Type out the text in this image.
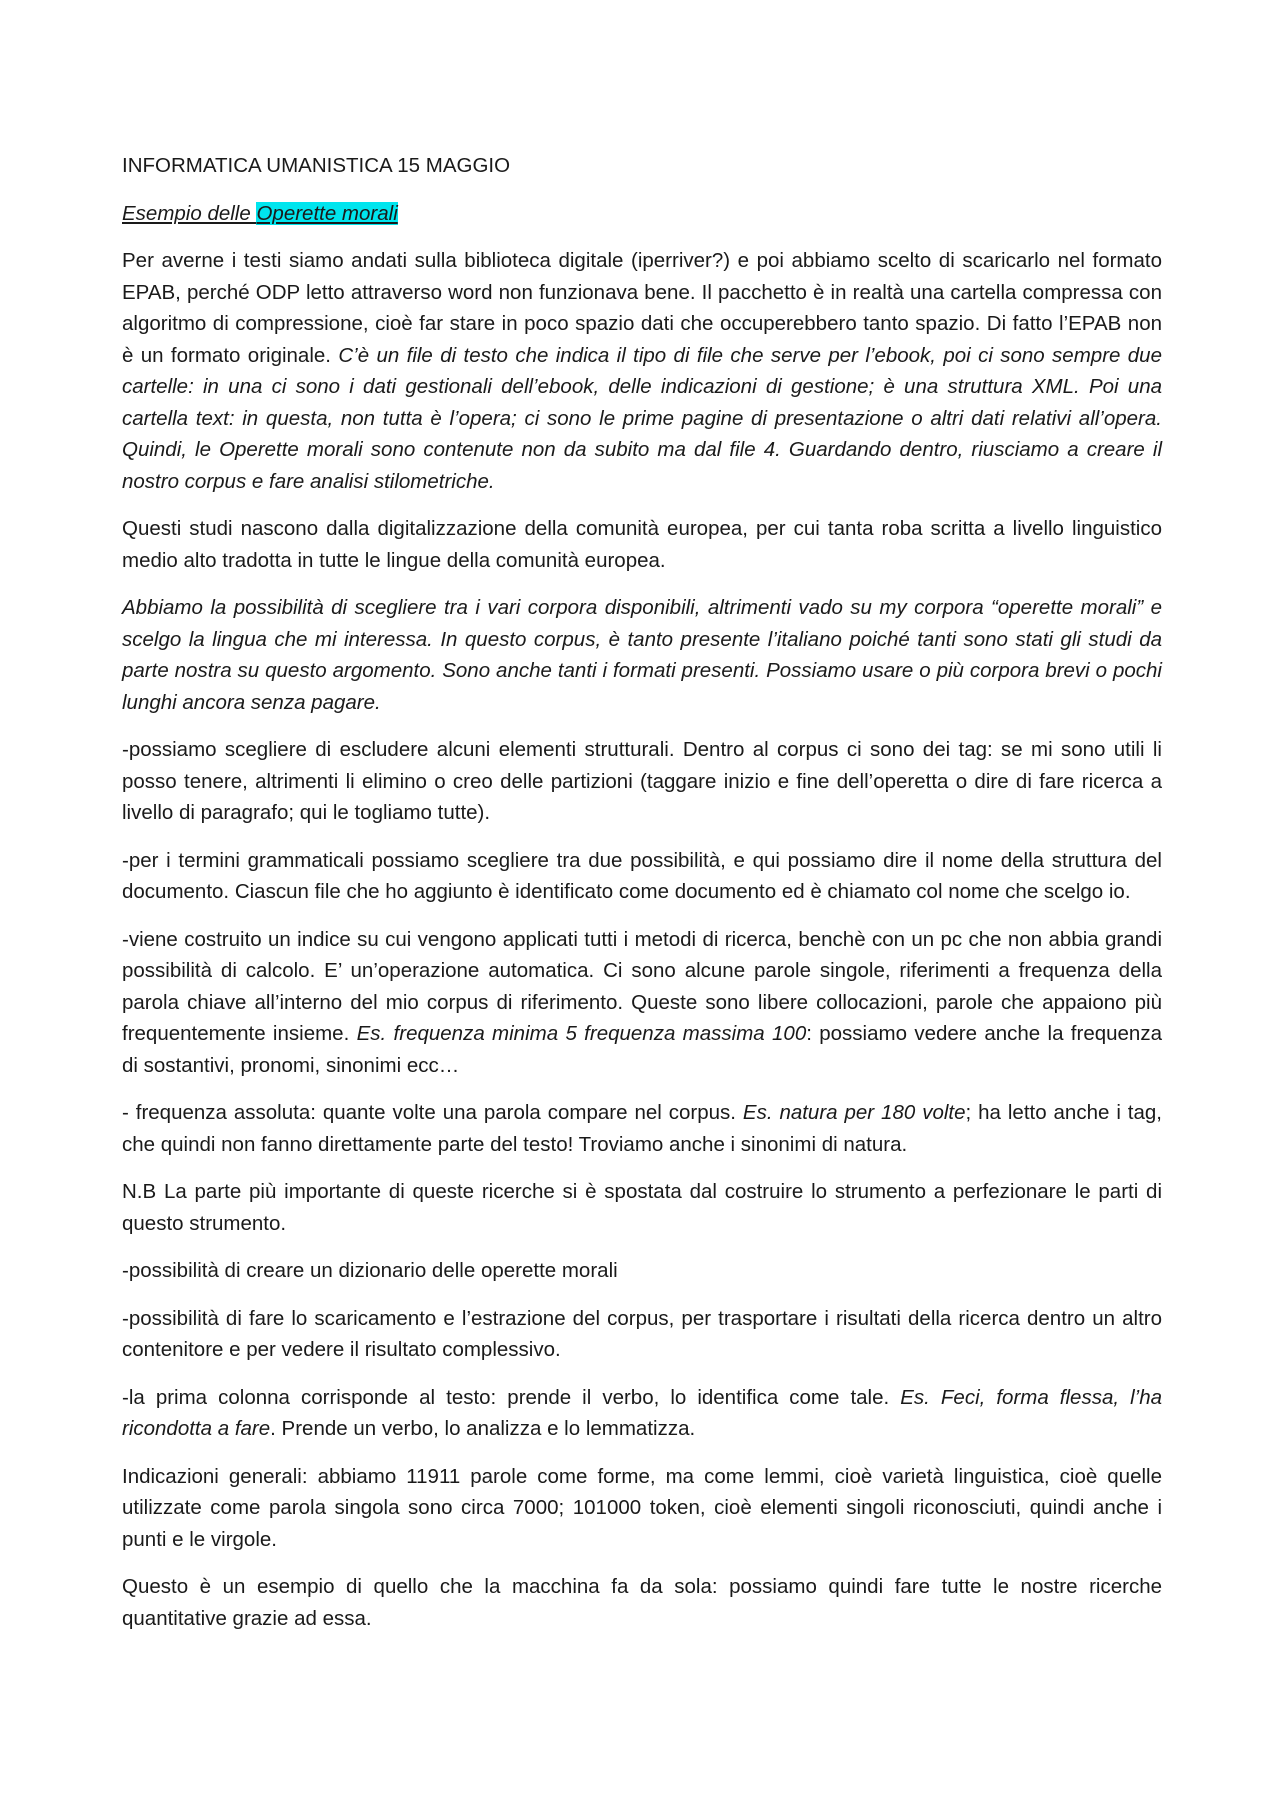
INFORMATICA UMANISTICA 15 MAGGIO

Esempio delle Operette morali

Per averne i testi siamo andati sulla biblioteca digitale (iperriver?) e poi abbiamo scelto di scaricarlo nel formato EPAB, perché ODP letto attraverso word non funzionava bene. Il pacchetto è in realtà una cartella compressa con algoritmo di compressione, cioè far stare in poco spazio dati che occuperebbero tanto spazio. Di fatto l’EPAB non è un formato originale. C’è un file di testo che indica il tipo di file che serve per l’ebook, poi ci sono sempre due cartelle: in una ci sono i dati gestionali dell’ebook, delle indicazioni di gestione; è una struttura XML. Poi una cartella text: in questa, non tutta è l’opera; ci sono le prime pagine di presentazione o altri dati relativi all’opera. Quindi, le Operette morali sono contenute non da subito ma dal file 4. Guardando dentro, riusciamo a creare il nostro corpus e fare analisi stilometriche.

Questi studi nascono dalla digitalizzazione della comunità europea, per cui tanta roba scritta a livello linguistico medio alto tradotta in tutte le lingue della comunità europea.

Abbiamo la possibilità di scegliere tra i vari corpora disponibili, altrimenti vado su my corpora “operette morali” e scelgo la lingua che mi interessa. In questo corpus, è tanto presente l’italiano poiché tanti sono stati gli studi da parte nostra su questo argomento. Sono anche tanti i formati presenti. Possiamo usare o più corpora brevi o pochi lunghi ancora senza pagare.

-possiamo scegliere di escludere alcuni elementi strutturali. Dentro al corpus ci sono dei tag: se mi sono utili li posso tenere, altrimenti li elimino o creo delle partizioni (taggare inizio e fine dell’operetta o dire di fare ricerca a livello di paragrafo; qui le togliamo tutte).

-per i termini grammaticali possiamo scegliere tra due possibilità, e qui possiamo dire il nome della struttura del documento. Ciascun file che ho aggiunto è identificato come documento ed è chiamato col nome che scelgo io.

-viene costruito un indice su cui vengono applicati tutti i metodi di ricerca, benchè con un pc che non abbia grandi possibilità di calcolo. E’ un’operazione automatica. Ci sono alcune parole singole, riferimenti a frequenza della parola chiave all’interno del mio corpus di riferimento. Queste sono libere collocazioni, parole che appaiono più frequentemente insieme. Es. frequenza minima 5 frequenza massima 100: possiamo vedere anche la frequenza di sostantivi, pronomi, sinonimi ecc…

- frequenza assoluta: quante volte una parola compare nel corpus. Es. natura per 180 volte; ha letto anche i tag, che quindi non fanno direttamente parte del testo! Troviamo anche i sinonimi di natura.

N.B La parte più importante di queste ricerche si è spostata dal costruire lo strumento a perfezionare le parti di questo strumento.

-possibilità di creare un dizionario delle operette morali

-possibilità di fare lo scaricamento e l’estrazione del corpus, per trasportare i risultati della ricerca dentro un altro contenitore e per vedere il risultato complessivo.

-la prima colonna corrisponde al testo: prende il verbo, lo identifica come tale. Es. Feci, forma flessa, l’ha ricondotta a fare. Prende un verbo, lo analizza e lo lemmatizza.

Indicazioni generali: abbiamo 11911 parole come forme, ma come lemmi, cioè varietà linguistica, cioè quelle utilizzate come parola singola sono circa 7000; 101000 token, cioè elementi singoli riconosciuti, quindi anche i punti e le virgole.

Questo è un esempio di quello che la macchina fa da sola: possiamo quindi fare tutte le nostre ricerche quantitative grazie ad essa.
